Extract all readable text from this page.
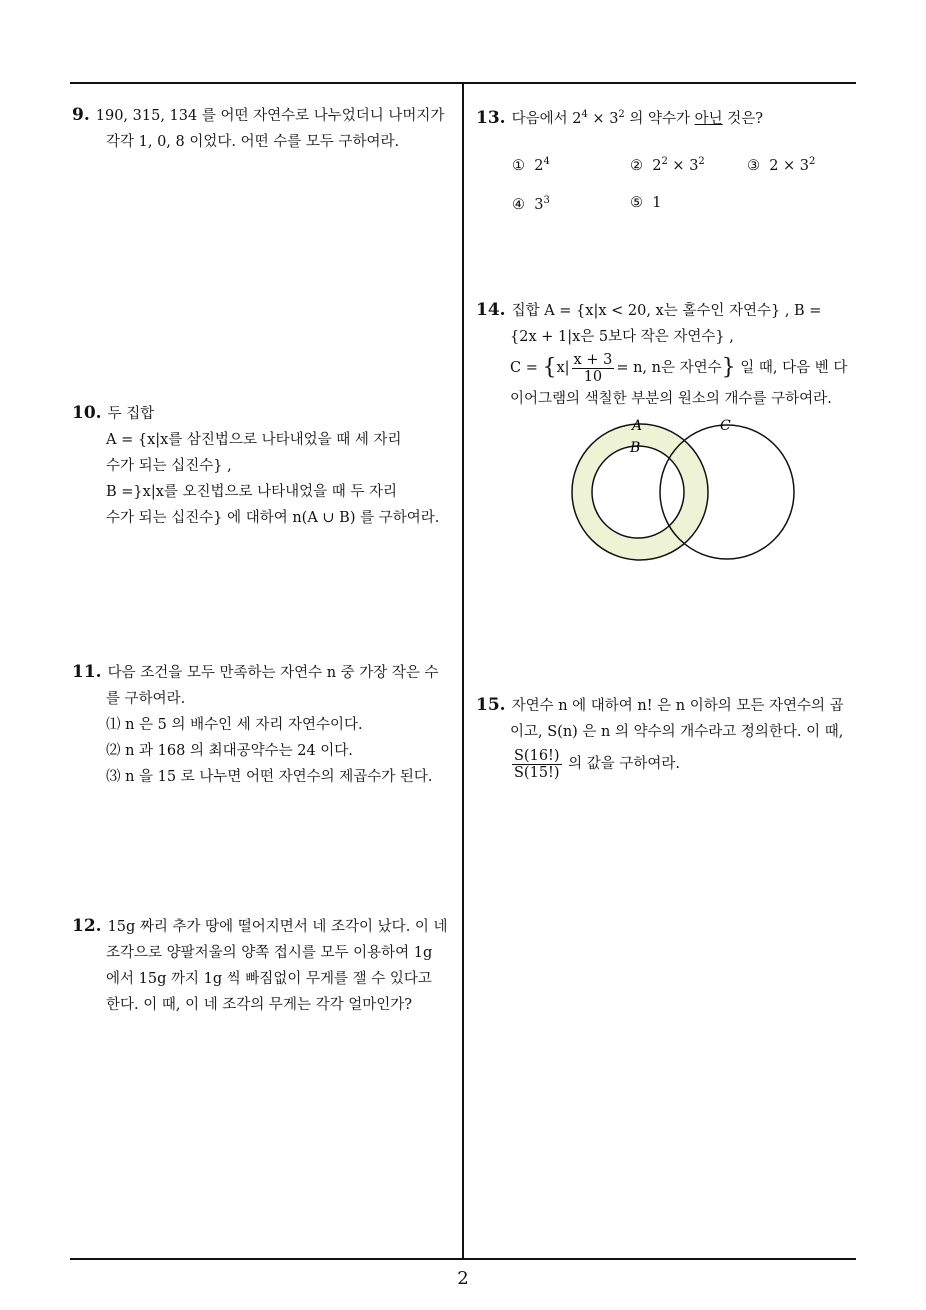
9. 190, 315, 134 를 어떤 자연수로 나누었더니 나머지가
각각 1, 0, 8 이었다. 어떤 수를 모두 구하여라.
10. 두 집합
A = {x|x를 삼진법으로 나타내었을 때 세 자리
수가 되는 십진수} ,
B =}x|x를 오진법으로 나타내었을 때 두 자리
수가 되는 십진수} 에 대하여 n(A ∪ B) 를 구하여라.
11. 다음 조건을 모두 만족하는 자연수 n 중 가장 작은 수
를 구하여라.
⑴ n 은 5 의 배수인 세 자리 자연수이다.
⑵ n 과 168 의 최대공약수는 24 이다.
⑶ n 을 15 로 나누면 어떤 자연수의 제곱수가 된다.
12. 15g 짜리 추가 땅에 떨어지면서 네 조각이 났다. 이 네
조각으로 양팔저울의 양쪽 접시를 모두 이용하여 1g
에서 15g 까지 1g 씩 빠짐없이 무게를 잴 수 있다고
한다. 이 때, 이 네 조각의 무게는 각각 얼마인가?
13. 다음에서 $2^4 \times 3^2$ 의 약수가 아닌 것은?
① $2^4$	② $2^2 \times 3^2$	③ $2 \times 3^2$
④ $3^3$	⑤ 1
14. 집합 A = {x|x < 20, x는 홀수인 자연수} , B =
{2x + 1|x은 5보다 작은 자연수} ,
$C = \{x| \frac{x + 3}{10} = n$, n은 자연수} 일 때, 다음 벤 다
이어그램의 색칠한 부분의 원소의 개수를 구하여라.
A
B
C
15. 자연수 n 에 대하여 n! 은 n 이하의 모든 자연수의 곱
이고, S(n) 은 n 의 약수의 개수라고 정의한다. 이 때,
$\frac{S(16!)}{S(15!)}$ 의 값을 구하여라.
2
